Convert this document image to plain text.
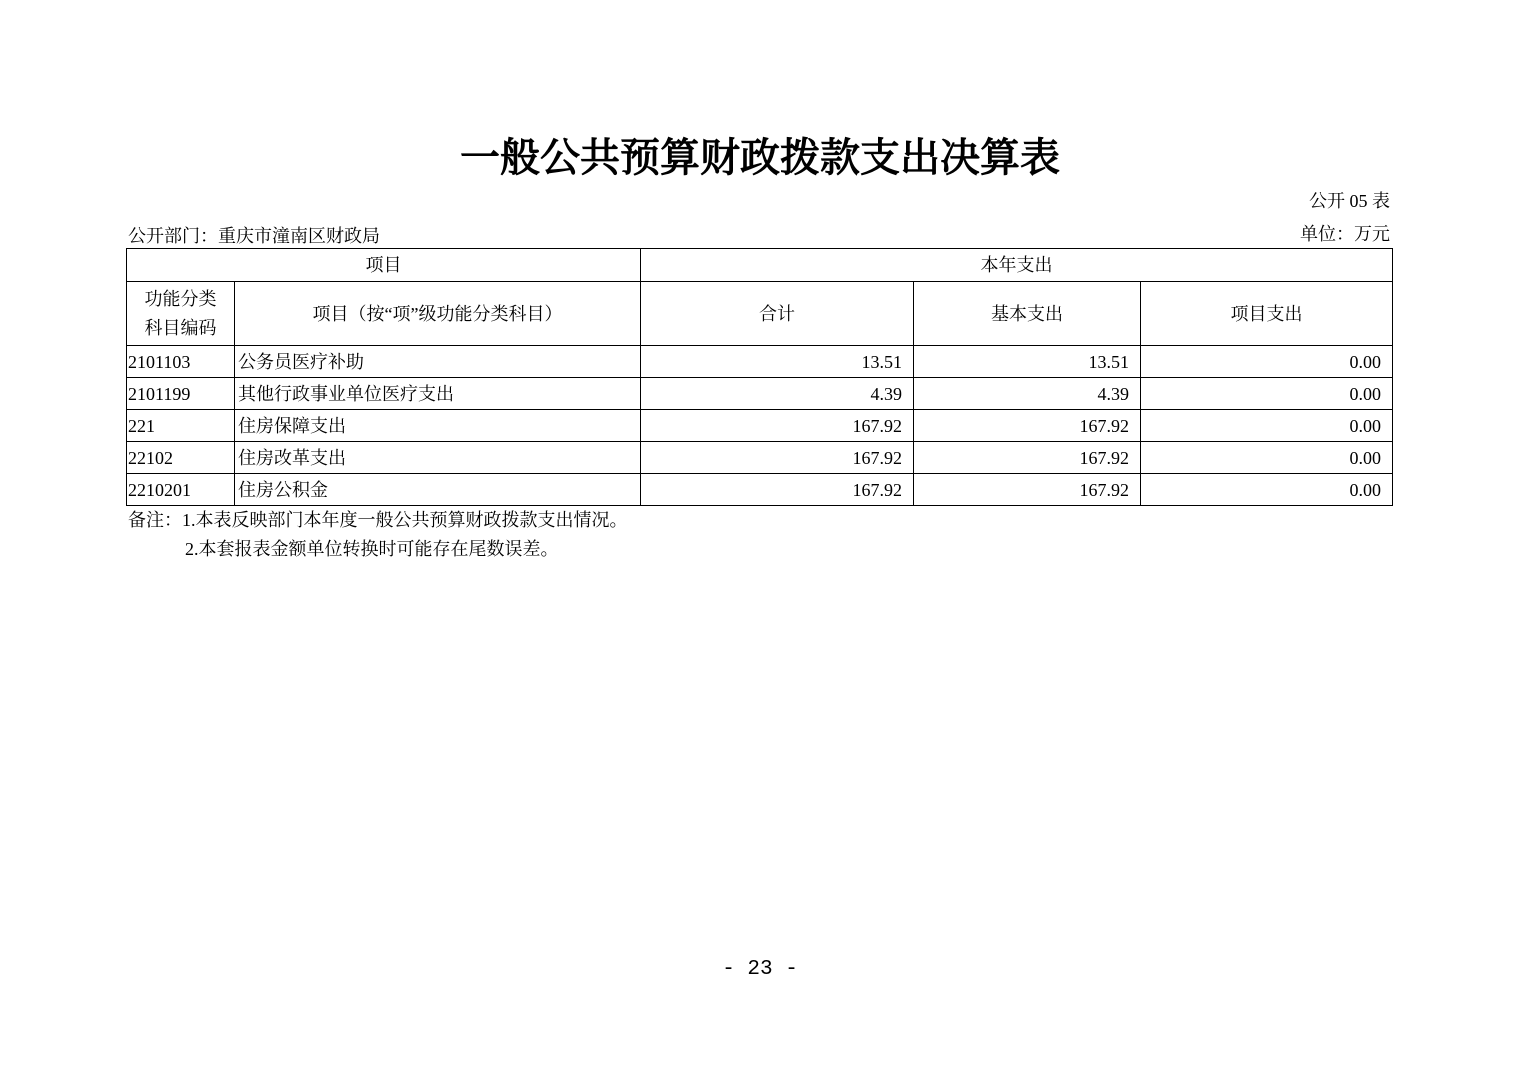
一般公共预算财政拨款支出决算表
公开 05 表
公开部门：重庆市潼南区财政局	单位：万元
项目		本年支出		

功能分类
科目编码	项目（按“项”级功能分类科目）	合计	基本支出	项目支出
2101103	公务员医疗补助	13.51	13.51	0.00
2101199	其他行政事业单位医疗支出	4.39	4.39	0.00
221	住房保障支出	167.92	167.92	0.00
22102	住房改革支出	167.92	167.92	0.00
2210201	住房公积金	167.92	167.92	0.00
备注：1.本表反映部门本年度一般公共预算财政拨款支出情况。
2.本套报表金额单位转换时可能存在尾数误差。
- 23 -
